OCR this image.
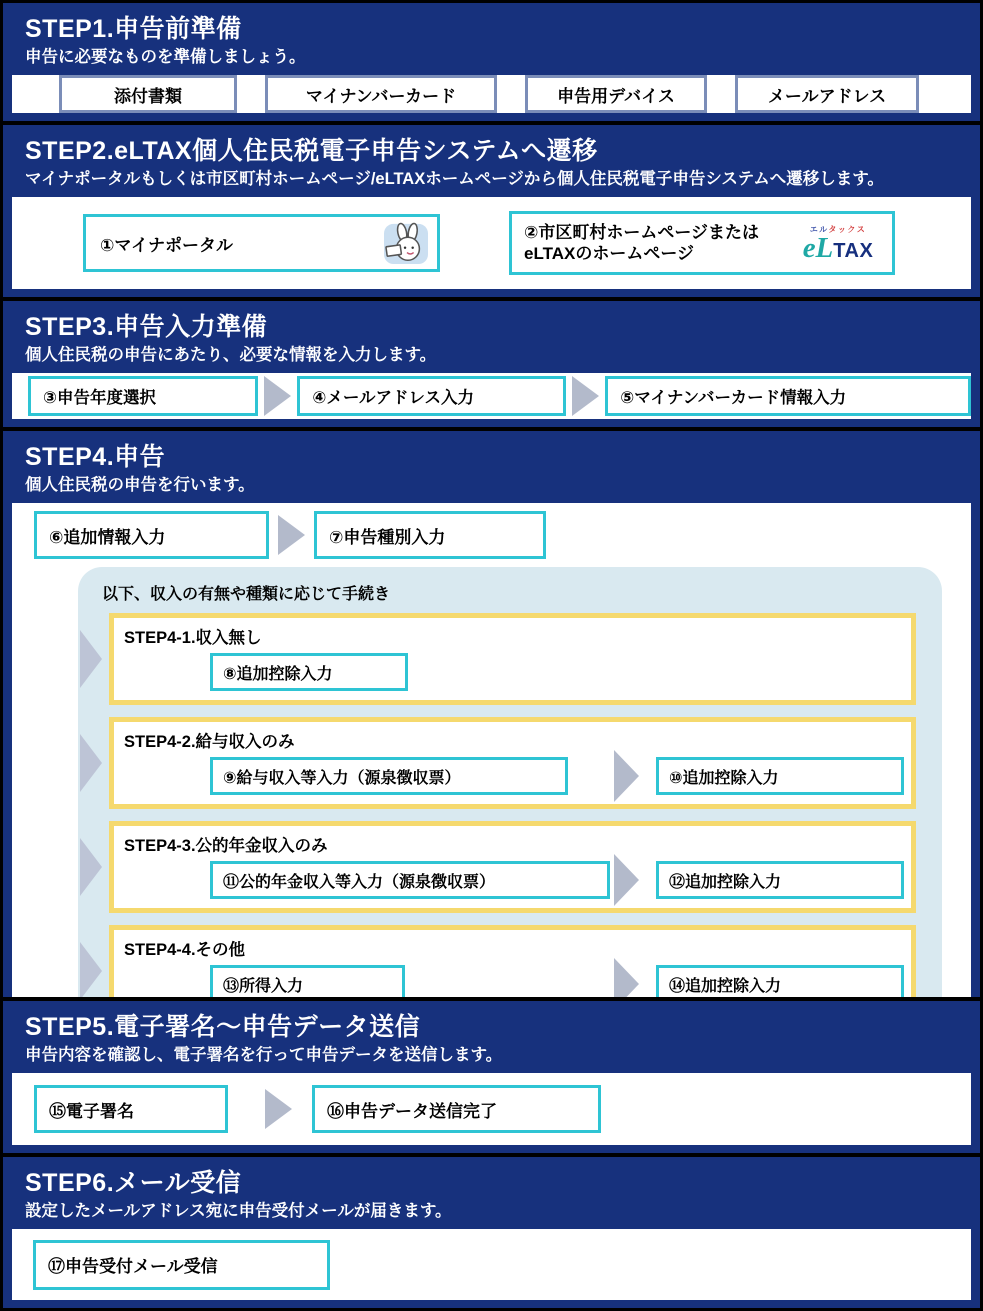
STEP1.申告前準備
申告に必要なものを準備しましょう。
添付書類	マイナンバーカード	申告用デバイス	メールアドレス
STEP2.eLTAX個人住民税電子申告システムへ遷移
マイナポータルもしくは市区町村ホームページ/eLTAXホームページから個人住民税電子申告システムへ遷移します。
①マイナポータル
②市区町村ホームページまたは
eLTAXのホームページ
エルタックス
eLTAX
STEP3.申告入力準備
個人住民税の申告にあたり、必要な情報を入力します。
③申告年度選択	④メールアドレス入力	⑤マイナンバーカード情報入力
STEP4.申告
個人住民税の申告を行います。
⑥追加情報入力	⑦申告種別入力
以下、収入の有無や種類に応じて手続き
STEP4-1.収入無し
⑧追加控除入力
STEP4-2.給与収入のみ
⑨給与収入等入力（源泉徴収票）	⑩追加控除入力
STEP4-3.公的年金収入のみ
⑪公的年金収入等入力（源泉徴収票）	⑫追加控除入力
STEP4-4.その他
⑬所得入力	⑭追加控除入力
STEP5.電子署名～申告データ送信
申告内容を確認し、電子署名を行って申告データを送信します。
⑮電子署名	⑯申告データ送信完了
STEP6.メール受信
設定したメールアドレス宛に申告受付メールが届きます。
⑰申告受付メール受信
